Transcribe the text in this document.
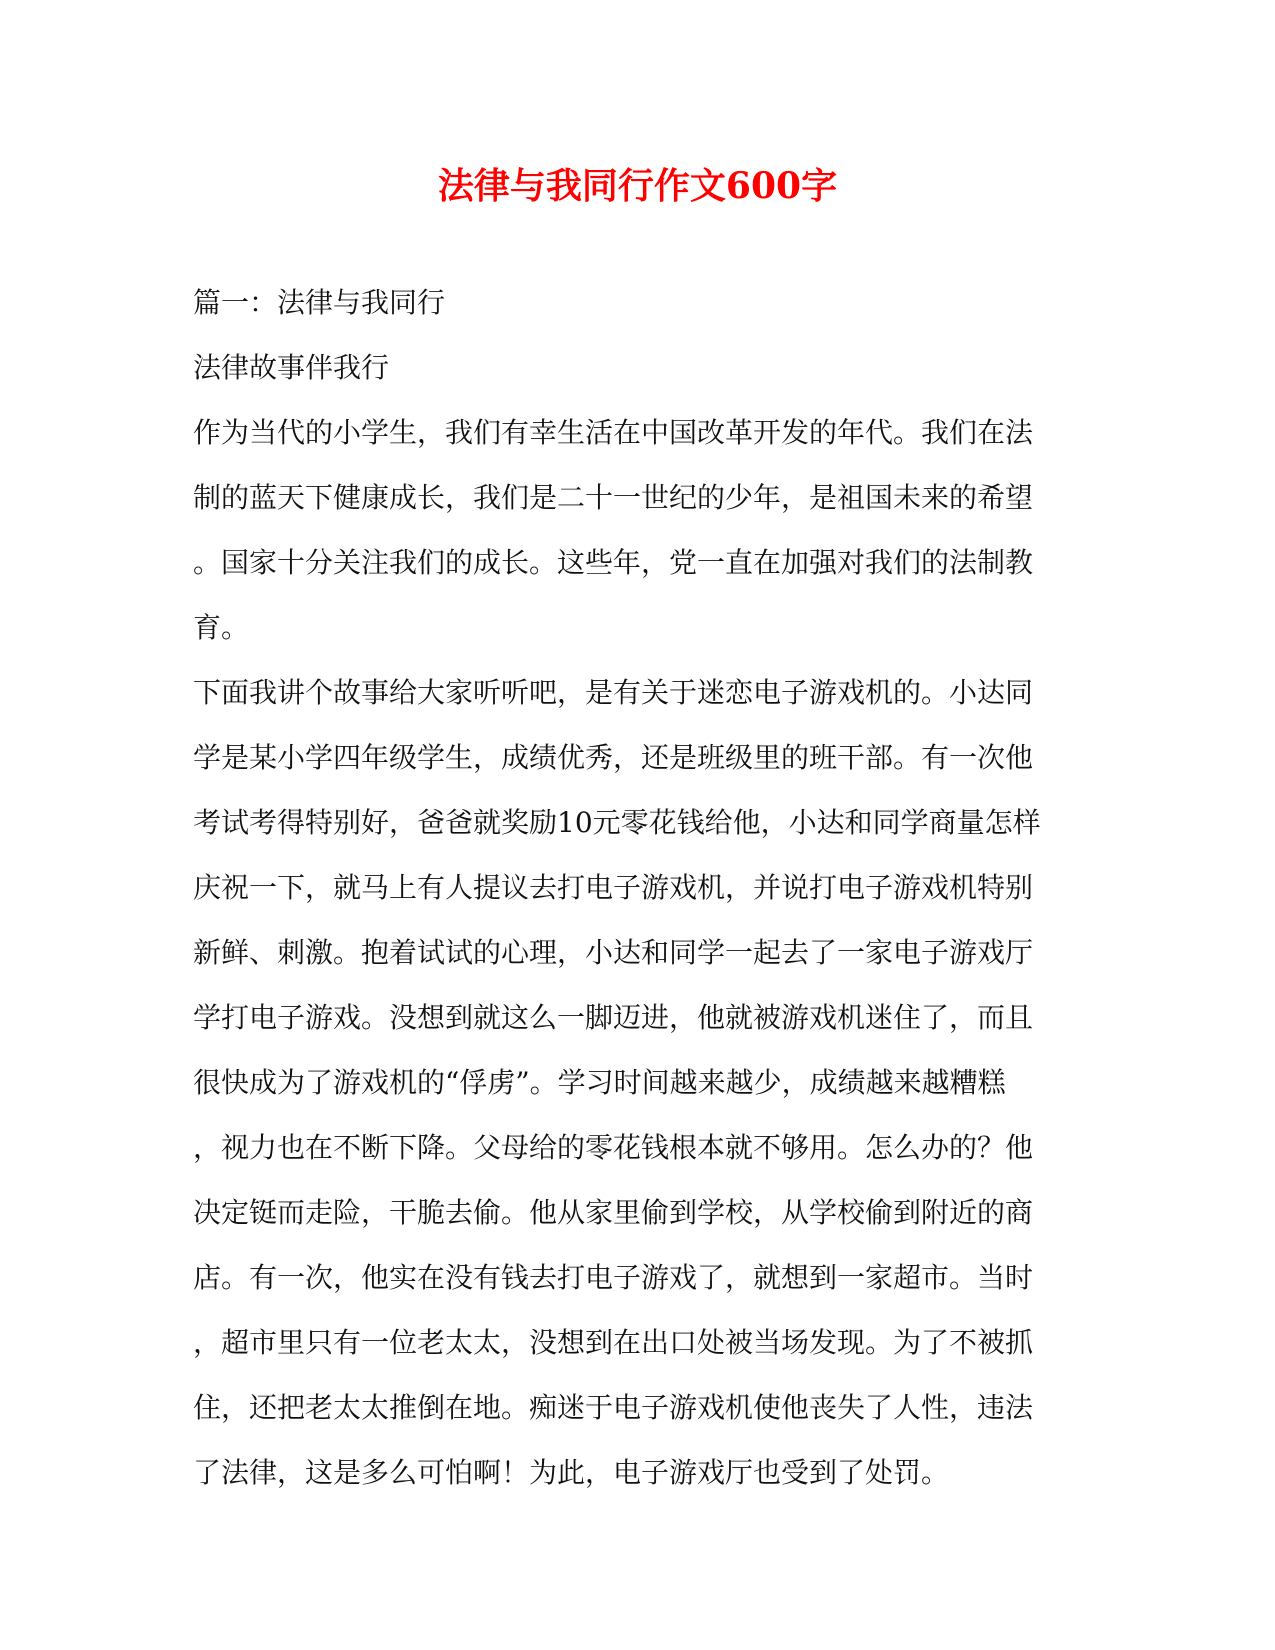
法律与我同行作文600字

篇一：法律与我同行

法律故事伴我行

作为当代的小学生，我们有幸生活在中国改革开发的年代。我们在法

制的蓝天下健康成长，我们是二十一世纪的少年，是祖国未来的希望

。国家十分关注我们的成长。这些年，党一直在加强对我们的法制教

育。

下面我讲个故事给大家听听吧，是有关于迷恋电子游戏机的。小达同

学是某小学四年级学生，成绩优秀，还是班级里的班干部。有一次他

考试考得特别好，爸爸就奖励10元零花钱给他，小达和同学商量怎样

庆祝一下，就马上有人提议去打电子游戏机，并说打电子游戏机特别

新鲜、刺激。抱着试试的心理，小达和同学一起去了一家电子游戏厅

学打电子游戏。没想到就这么一脚迈进，他就被游戏机迷住了，而且

很快成为了游戏机的“俘虏”。学习时间越来越少，成绩越来越糟糕

，视力也在不断下降。父母给的零花钱根本就不够用。怎么办的？他

决定铤而走险，干脆去偷。他从家里偷到学校，从学校偷到附近的商

店。有一次，他实在没有钱去打电子游戏了，就想到一家超市。当时

，超市里只有一位老太太，没想到在出口处被当场发现。为了不被抓

住，还把老太太推倒在地。痴迷于电子游戏机使他丧失了人性，违法

了法律，这是多么可怕啊！为此，电子游戏厅也受到了处罚。
